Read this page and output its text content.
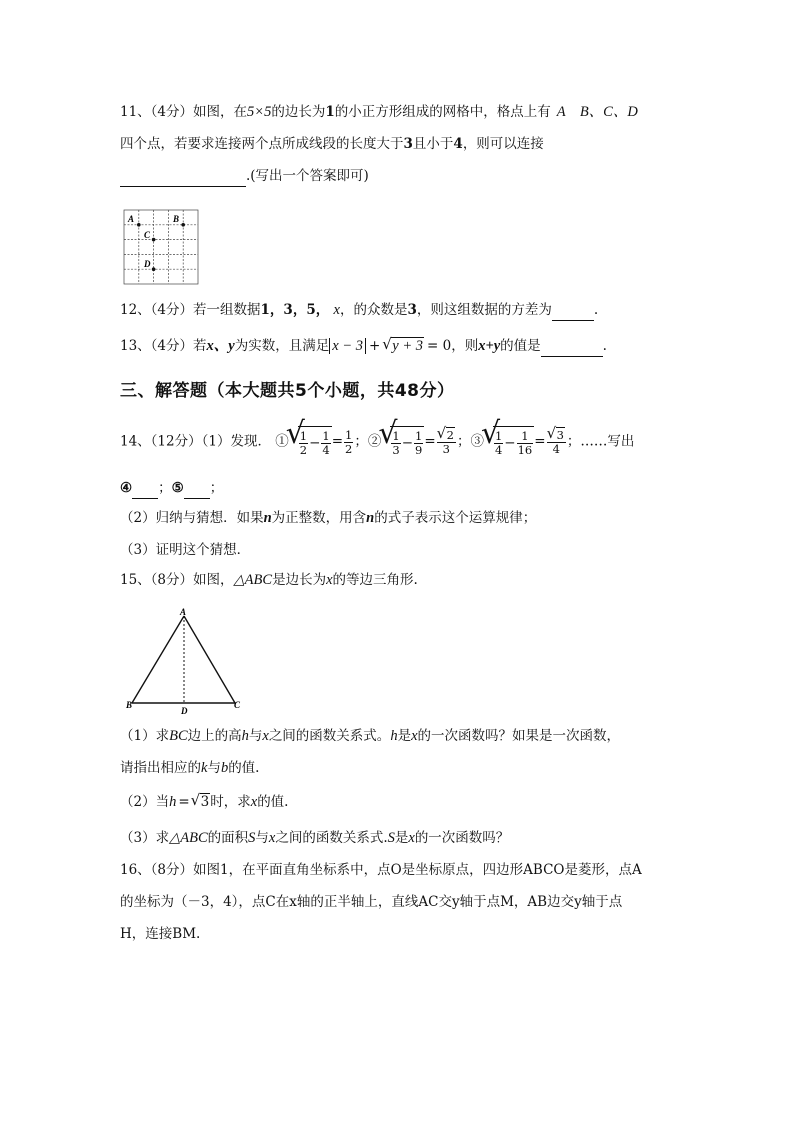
11、（4分）如图，在5×5的边长为1的小正方形组成的网格中，格点上有 A　B、C、D
四个点，若要求连接两个点所成线段的长度大于3且小于4，则可以连接
.(写出一个答案即可)
A	B
C
D
12、（4分）若一组数据1，3，5， x，的众数是3，则这组数据的方差为	.
13、（4分）若x、y为实数，且满足 x − 3 + √ y + 3 = 0，则x+y的值是	.
三、解答题（本大题共5个小题，共48分）
14、（12分）（1）发现． ① √ $\frac{1}{2} - \frac{1}{4} = \frac{1}{2}$ ；② √ $\frac{1}{3} - \frac{1}{9}$ = √ $\frac{2}{3}$ ；③ √ $\frac{1}{4} - \frac{1}{16}$ = √ $\frac{3}{4}$ ；……写出
④ ；⑤ ；
（2）归纳与猜想．如果n为正整数，用含n的式子表示这个运算规律；
（3）证明这个猜想．
15、（8分）如图，△ABC是边长为x的等边三角形.
A
B	C
D
（1）求BC边上的高h与x之间的函数关系式。h是x的一次函数吗？如果是一次函数，
请指出相应的k与b的值.
（2）当h = √ 3时，求x的值.
（3）求△ABC的面积S与x之间的函数关系式.S是x的一次函数吗？
16、（8分）如图1，在平面直角坐标系中，点O是坐标原点，四边形ABCO是菱形，点A
的坐标为（－3，4），点C在x轴的正半轴上，直线AC交y轴于点M，AB边交y轴于点
H，连接BM.
